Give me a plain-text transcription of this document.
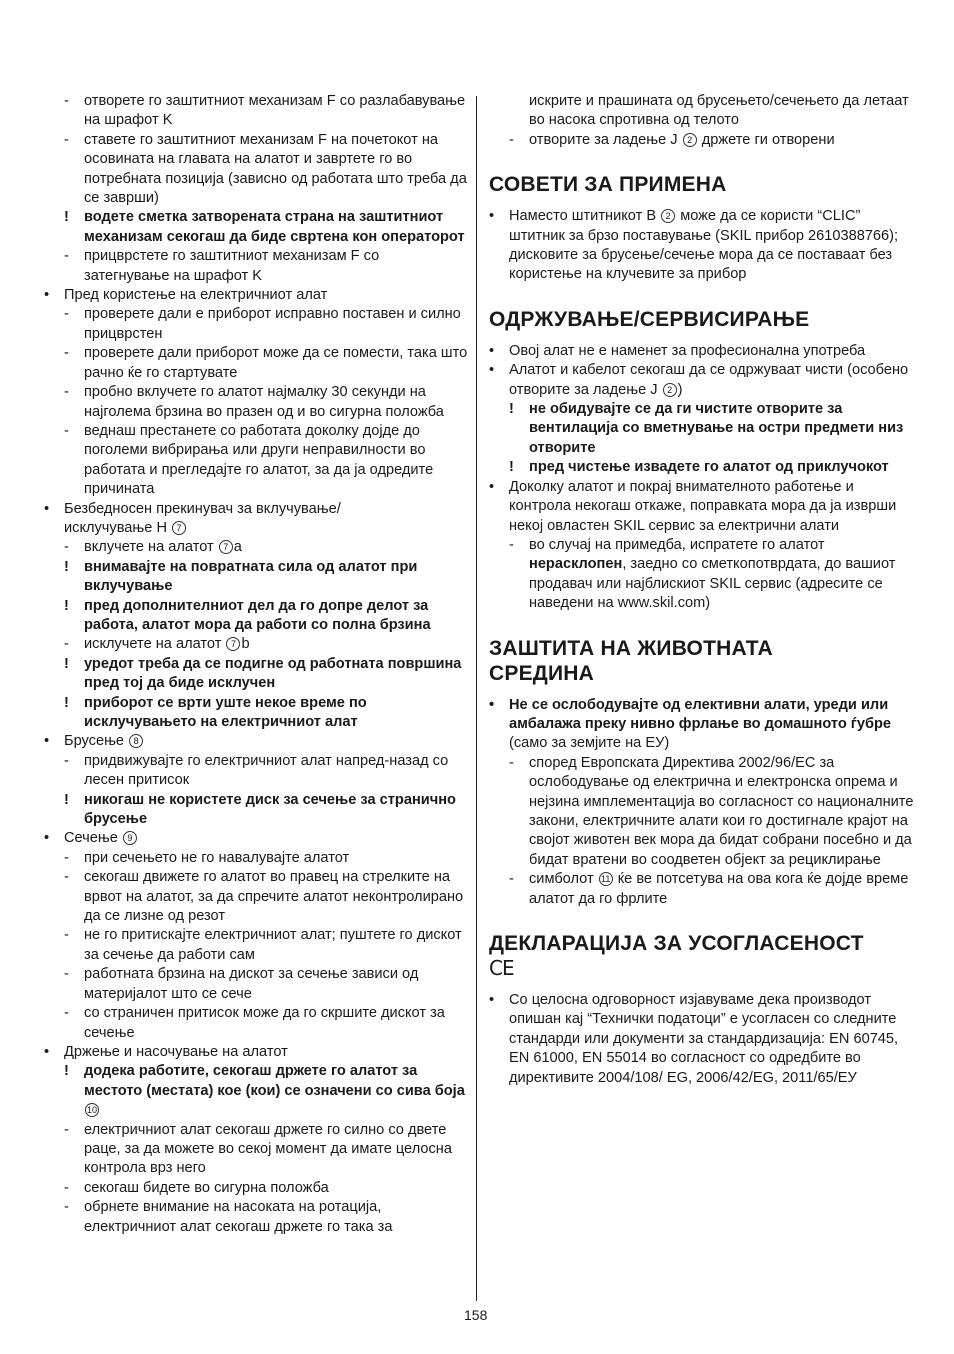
-	отворете го заштитниот механизам F со разлабавување на шрафот K
-	ставете го заштитниот механизам F на почетокот на осовината на главата на алатот и завртете го во потребната позиција (зависно од работата што треба да се заврши)
!	водете сметка затворената страна на заштитниот механизам секогаш да биде свртена кон операторот
-	прицврстете го заштитниот механизам F со затегнување на шрафот K
•	Пред користење на електричниот алат
-	проверете дали е приборот исправно поставен и силно прицврстен
-	проверете дали приборот може да се помести, така што рачно ќе го стартувате
-	пробно вклучете го алатот најмалку 30 секунди на најголема брзина во празен од и во сигурна положба
-	веднаш престанете со работата доколку дојде до поголеми вибрирања или други неправилности во работата и прегледајте го алатот, за да ја одредите причината
•	Безбедносен прекинувач за вклучување/
исклучување H 7
-	вклучете на алатот 7 a
!	внимавајте на повратната сила од алатот при вклучување
!	пред дополнителниот дел да го допре делот за работа, алатот мора да работи со полна брзина
-	исклучете на алатот 7 b
!	уредот треба да се подигне од работната површина пред тој да биде исклучен
!	приборот се врти уште некое време по исклучувањето на електричниот алат
•	Брусење 8
-	придвижувајте го електричниот алат напред-назад со лесен притисок
!	никогаш не користете диск за сечење за странично брусење
•	Сечење 9
-	при сечењето не го навалувајте алатот
-	секогаш движете го алатот во правец на стрелките на врвот на алатот, за да спречите алатот неконтролирано да се лизне од резот
-	не го притискајте електричниот алат; пуштете го дискот за сечење да работи сам
-	работната брзина на дискот за сечење зависи од материјалот што се сече
-	со страничен притисок може да го скршите дискот за сечење
•	Држење и насочување на алатот
!	додека работите, секогаш држете го алатот за местото (местата) кое (кои) се означени со сива боја 10
-	електричниот алат секогаш држете го силно со двете раце, за да можете во секој момент да имате целосна контрола врз него
-	секогаш бидете во сигурна положба
-	обрнете внимание на насоката на ротација, електричниот алат секогаш држете го така за
искрите и прашината од брусењето/сечењето да летаат во насока спротивна од телото
-	отворите за ладење J 2 држете ги отворени
СОВЕТИ ЗА ПРИМЕНА
•	Наместо штитникот B 2 може да се користи “CLIC” штитник за брзо поставување (SKIL прибор 2610388766); дисковите за брусење/сечење мора да се поставаат без користење на клучевите за прибор
ОДРЖУВАЊЕ/СЕРВИСИРАЊЕ
•	Овој алат не е наменет за професионална употреба
•	Алатот и кабелот секогаш да се одржуваат чисти (особено отворите за ладење J 2 )
!	не обидувајте се да ги чистите отворите за вентилација со вметнување на остри предмети низ отворите
!	пред чистење извадете го алатот од приклучокот
•	Доколку алатот и покрај внимателното работење и контрола некогаш откаже, поправката мора да ја изврши некој овластен SKIL сервис за електрични алати
-	во случај на примедба, испратете го алатот нерасклопен, заедно со сметкопотврдата, до вашиот продавач или најблискиот SKIL сервис (адресите се наведени на www.skil.com)
ЗАШТИТА НА ЖИВОТНАТА
СРЕДИНА
•	Не се ослободувајте од елективни алати, уреди или амбалажа преку нивно фрлање во домашното ѓубре (само за земјите на ЕУ)
-	според Европската Директива 2002/96/ЕС за ослободување од електрична и електронска опрема и нејзина имплементација во согласност со националните закони, електричните алати кои го достигнале крајот на својот животен век мора да бидат собрани посебно и да бидат вратени во соодветен објект за рециклирање
-	симболот 11 ќе ве потсетува на ова кога ќе дојде време алатот да го фрлите
ДЕКЛАРАЦИЈА ЗА УСОГЛАСЕНОСТ
CE
•	Со целосна одговорност изјавуваме дека производот опишан кај “Технички податоци” е усогласен со следните стандарди или документи за стандардизација: EN 60745, EN 61000, EN 55014 во согласност со одредбите во директивите 2004/108/ EG, 2006/42/EG, 2011/65/ЕУ
158
